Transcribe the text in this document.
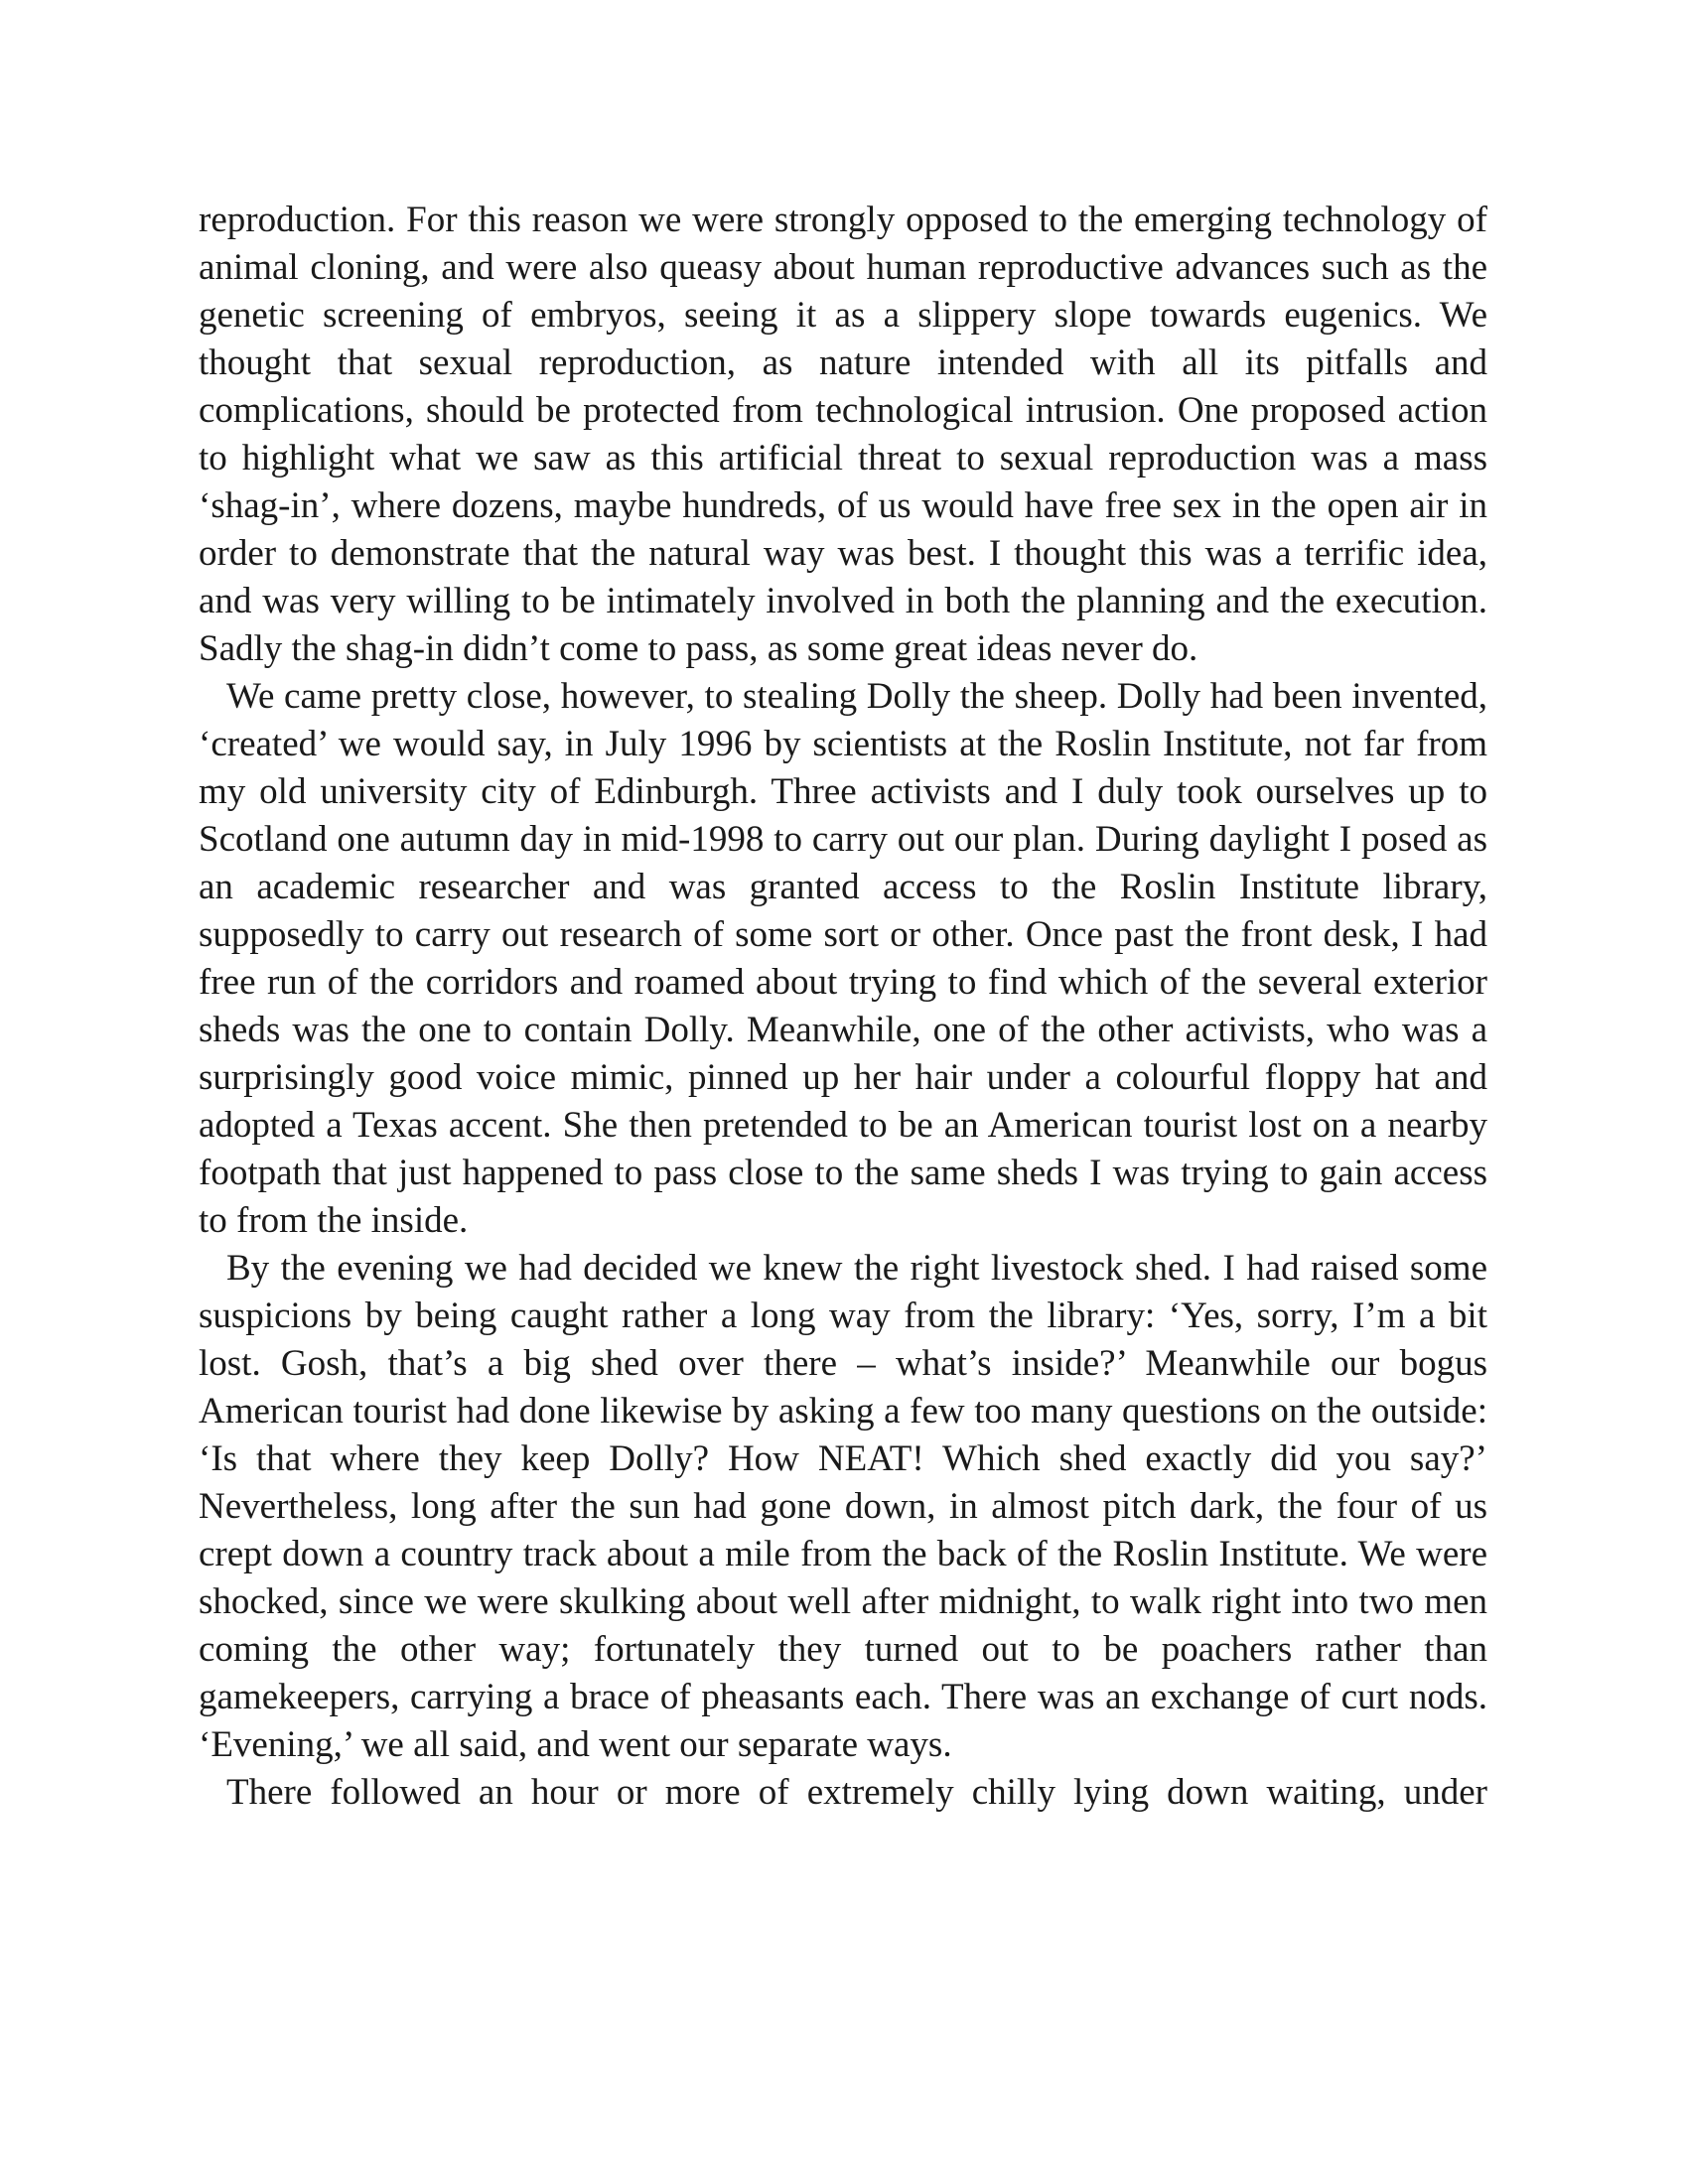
reproduction. For this reason we were strongly opposed to the emerging technology of animal cloning, and were also queasy about human reproductive advances such as the genetic screening of embryos, seeing it as a slippery slope towards eugenics. We thought that sexual reproduction, as nature intended with all its pitfalls and complications, should be protected from technological intrusion. One proposed action to highlight what we saw as this artificial threat to sexual reproduction was a mass ‘shag-in’, where dozens, maybe hundreds, of us would have free sex in the open air in order to demonstrate that the natural way was best. I thought this was a terrific idea, and was very willing to be intimately involved in both the planning and the execution. Sadly the shag-in didn’t come to pass, as some great ideas never do.

We came pretty close, however, to stealing Dolly the sheep. Dolly had been invented, ‘created’ we would say, in July 1996 by scientists at the Roslin Institute, not far from my old university city of Edinburgh. Three activists and I duly took ourselves up to Scotland one autumn day in mid-1998 to carry out our plan. During daylight I posed as an academic researcher and was granted access to the Roslin Institute library, supposedly to carry out research of some sort or other. Once past the front desk, I had free run of the corridors and roamed about trying to find which of the several exterior sheds was the one to contain Dolly. Meanwhile, one of the other activists, who was a surprisingly good voice mimic, pinned up her hair under a colourful floppy hat and adopted a Texas accent. She then pretended to be an American tourist lost on a nearby footpath that just happened to pass close to the same sheds I was trying to gain access to from the inside.

By the evening we had decided we knew the right livestock shed. I had raised some suspicions by being caught rather a long way from the library: ‘Yes, sorry, I’m a bit lost. Gosh, that’s a big shed over there – what’s inside?’ Meanwhile our bogus American tourist had done likewise by asking a few too many questions on the outside: ‘Is that where they keep Dolly? How NEAT! Which shed exactly did you say?’ Nevertheless, long after the sun had gone down, in almost pitch dark, the four of us crept down a country track about a mile from the back of the Roslin Institute. We were shocked, since we were skulking about well after midnight, to walk right into two men coming the other way; fortunately they turned out to be poachers rather than gamekeepers, carrying a brace of pheasants each. There was an exchange of curt nods. ‘Evening,’ we all said, and went our separate ways.

There followed an hour or more of extremely chilly lying down waiting, under
